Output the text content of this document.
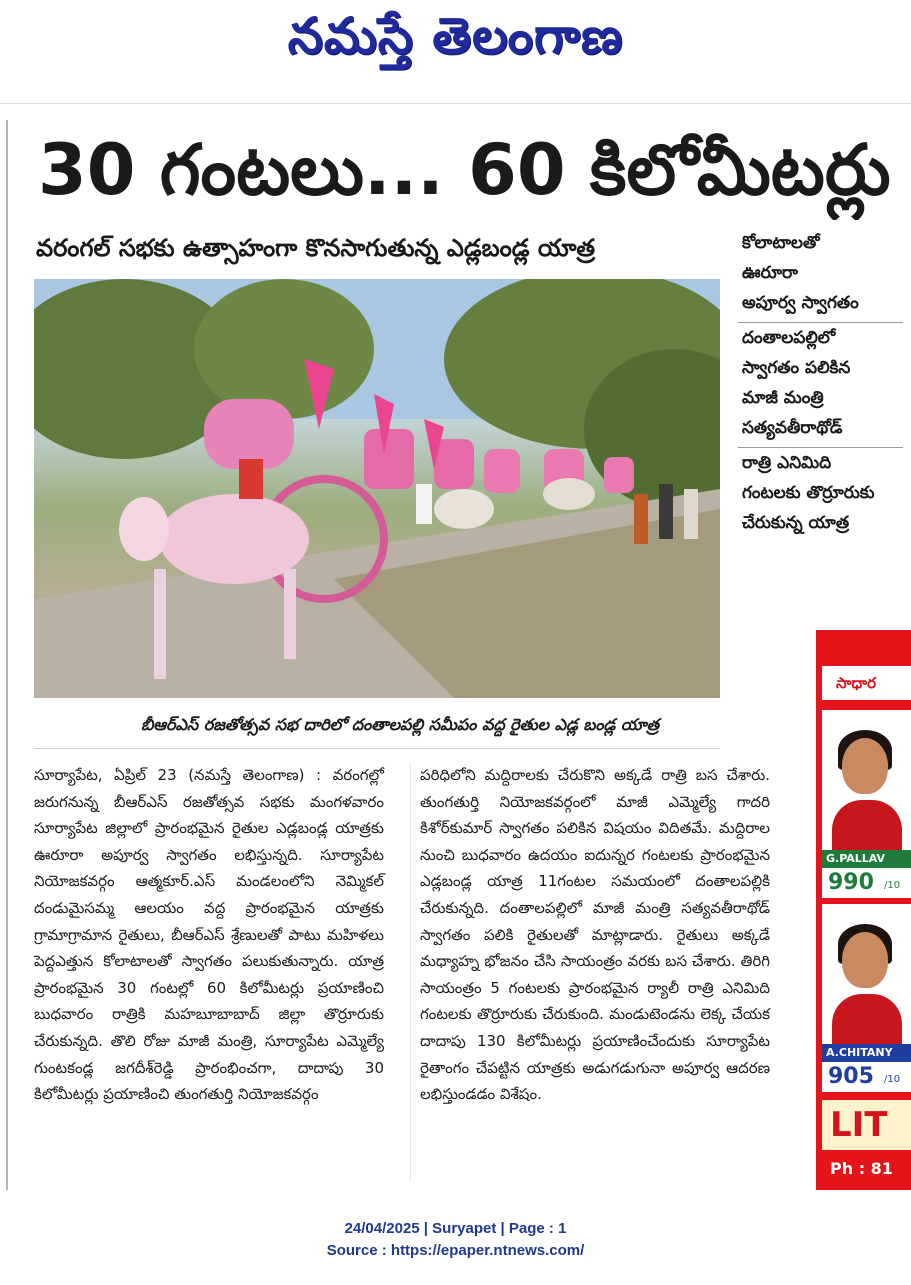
నమస్తే తెలంగాణ
30 గంటలు... 60 కిలోమీటర్లు
వరంగల్ సభకు ఉత్సాహంగా కొనసాగుతున్న ఎడ్లబండ్ల యాత్ర
బీఆర్ఎస్ రజతోత్సవ సభ దారిలో దంతాలపల్లి సమీపం వద్ద రైతుల ఎడ్ల బండ్ల యాత్ర
కోలాటాలతో
ఊరూరా
అపూర్వ స్వాగతం
దంతాలపల్లిలో
స్వాగతం పలికిన
మాజీ మంత్రి
సత్యవతీరాథోడ్
రాత్రి ఎనిమిది
గంటలకు తొర్రూరుకు
చేరుకున్న యాత్ర

సూర్యాపేట, ఏప్రిల్ 23 (నమస్తే తెలంగాణ) : వరంగల్లో జరుగనున్న బీఆర్ఎస్ రజతోత్సవ సభకు మంగళవారం సూర్యాపేట జిల్లాలో ప్రారంభమైన రైతుల ఎడ్లబండ్ల యాత్రకు ఊరూరా అపూర్వ స్వాగతం లభిస్తున్నది. సూర్యాపేట నియోజకవర్గం ఆత్మకూర్.ఎస్ మండలంలోని నెమ్మికల్ దండుమైసమ్మ ఆలయం వద్ద ప్రారంభమైన యాత్రకు గ్రామాగ్రామాన రైతులు, బీఆర్ఎస్ శ్రేణులతో పాటు మహిళలు పెద్దఎత్తున కోలాటాలతో స్వాగతం పలుకుతున్నారు. యాత్ర ప్రారంభమైన 30 గంటల్లో 60 కిలోమీటర్లు ప్రయాణించి బుధవారం రాత్రికి మహబూబాబాద్ జిల్లా తొర్రూరుకు చేరుకున్నది. తొలి రోజు మాజీ మంత్రి, సూర్యాపేట ఎమ్మెల్యే గుంటకండ్ల జగదీశ్‌రెడ్డి ప్రారంభించగా, దాదాపు 30 కిలోమీటర్లు ప్రయాణించి తుంగతుర్తి నియోజకవర్గం

పరిధిలోని మద్దిరాలకు చేరుకొని అక్కడే రాత్రి బస చేశారు. తుంగతుర్తి నియోజకవర్గంలో మాజీ ఎమ్మెల్యే గాదరి కిశోర్‌కుమార్ స్వాగతం పలికిన విషయం విదితమే. మద్దిరాల నుంచి బుధవారం ఉదయం ఐదున్నర గంటలకు ప్రారంభమైన ఎడ్లబండ్ల యాత్ర 11గంటల సమయంలో దంతాలపల్లికి చేరుకున్నది. దంతాలపల్లిలో మాజీ మంత్రి సత్యవతీరాథోడ్ స్వాగతం పలికి రైతులతో మాట్లాడారు. రైతులు అక్కడే మధ్యాహ్న భోజనం చేసి సాయంత్రం వరకు బస చేశారు. తిరిగి సాయంత్రం 5 గంటలకు ప్రారంభమైన ర్యాలీ రాత్రి ఎనిమిది గంటలకు తొర్రూరుకు చేరుకుంది. మండుటెండను లెక్క చేయక దాదాపు 130 కిలోమీటర్లు ప్రయాణించేందుకు సూర్యాపేట రైతాంగం చేపట్టిన యాత్రకు అడుగడుగునా అపూర్వ ఆదరణ లభిస్తుండడం విశేషం.

సాధార
G.PALLAV
990 /10
A.CHITANY
905 /10
LIT
Ph : 81
24/04/2025 | Suryapet | Page : 1
Source : https://epaper.ntnews.com/
